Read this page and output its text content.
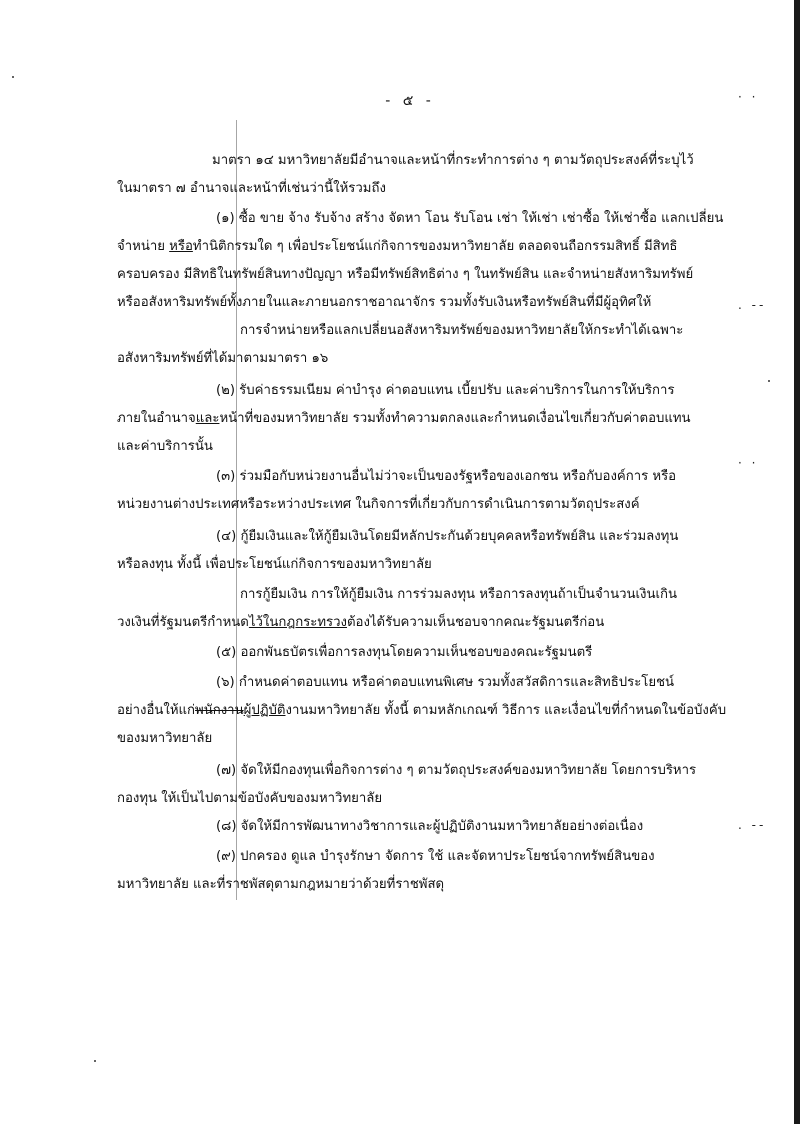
- ๕ -	· ·
. --
· ·
. --
มาตรา ๑๔ มหาวิทยาลัยมีอำนาจและหน้าที่กระทำการต่าง ๆ ตามวัตถุประสงค์ที่ระบุไว้
ในมาตรา ๗ อำนาจและหน้าที่เช่นว่านี้ให้รวมถึง
(๑) ซื้อ ขาย จ้าง รับจ้าง สร้าง จัดหา โอน รับโอน เช่า ให้เช่า เช่าซื้อ ให้เช่าซื้อ แลกเปลี่ยน
จำหน่าย หรือทำนิติกรรมใด ๆ เพื่อประโยชน์แก่กิจการของมหาวิทยาลัย ตลอดจนถือกรรมสิทธิ์ มีสิทธิ
ครอบครอง มีสิทธิในทรัพย์สินทางปัญญา หรือมีทรัพย์สิทธิต่าง ๆ ในทรัพย์สิน และจำหน่ายสังหาริมทรัพย์
หรืออสังหาริมทรัพย์ทั้งภายในและภายนอกราชอาณาจักร รวมทั้งรับเงินหรือทรัพย์สินที่มีผู้อุทิศให้
การจำหน่ายหรือแลกเปลี่ยนอสังหาริมทรัพย์ของมหาวิทยาลัยให้กระทำได้เฉพาะ
อสังหาริมทรัพย์ที่ได้มาตามมาตรา ๑๖
(๒) รับค่าธรรมเนียม ค่าบำรุง ค่าตอบแทน เบี้ยปรับ และค่าบริการในการให้บริการ
ภายในอำนาจและหน้าที่ของมหาวิทยาลัย รวมทั้งทำความตกลงและกำหนดเงื่อนไขเกี่ยวกับค่าตอบแทน
และค่าบริการนั้น
(๓) ร่วมมือกับหน่วยงานอื่นไม่ว่าจะเป็นของรัฐหรือของเอกชน หรือกับองค์การ หรือ
หน่วยงานต่างประเทศหรือระหว่างประเทศ ในกิจการที่เกี่ยวกับการดำเนินการตามวัตถุประสงค์
(๔) กู้ยืมเงินและให้กู้ยืมเงินโดยมีหลักประกันด้วยบุคคลหรือทรัพย์สิน และร่วมลงทุน
หรือลงทุน ทั้งนี้ เพื่อประโยชน์แก่กิจการของมหาวิทยาลัย
การกู้ยืมเงิน การให้กู้ยืมเงิน การร่วมลงทุน หรือการลงทุนถ้าเป็นจำนวนเงินเกิน
วงเงินที่รัฐมนตรีกำหนดไว้ในกฎกระทรวงต้องได้รับความเห็นชอบจากคณะรัฐมนตรีก่อน
(๕) ออกพันธบัตรเพื่อการลงทุนโดยความเห็นชอบของคณะรัฐมนตรี
(๖) กำหนดค่าตอบแทน หรือค่าตอบแทนพิเศษ รวมทั้งสวัสดิการและสิทธิประโยชน์
อย่างอื่นให้แก่พนักงานผู้ปฏิบัติงานมหาวิทยาลัย ทั้งนี้ ตามหลักเกณฑ์ วิธีการ และเงื่อนไขที่กำหนดในข้อบังคับ
ของมหาวิทยาลัย
(๗) จัดให้มีกองทุนเพื่อกิจการต่าง ๆ ตามวัตถุประสงค์ของมหาวิทยาลัย โดยการบริหาร
กองทุน ให้เป็นไปตามข้อบังคับของมหาวิทยาลัย
(๘) จัดให้มีการพัฒนาทางวิชาการและผู้ปฏิบัติงานมหาวิทยาลัยอย่างต่อเนื่อง
(๙) ปกครอง ดูแล บำรุงรักษา จัดการ ใช้ และจัดหาประโยชน์จากทรัพย์สินของ
มหาวิทยาลัย และที่ราชพัสดุตามกฎหมายว่าด้วยที่ราชพัสดุ
